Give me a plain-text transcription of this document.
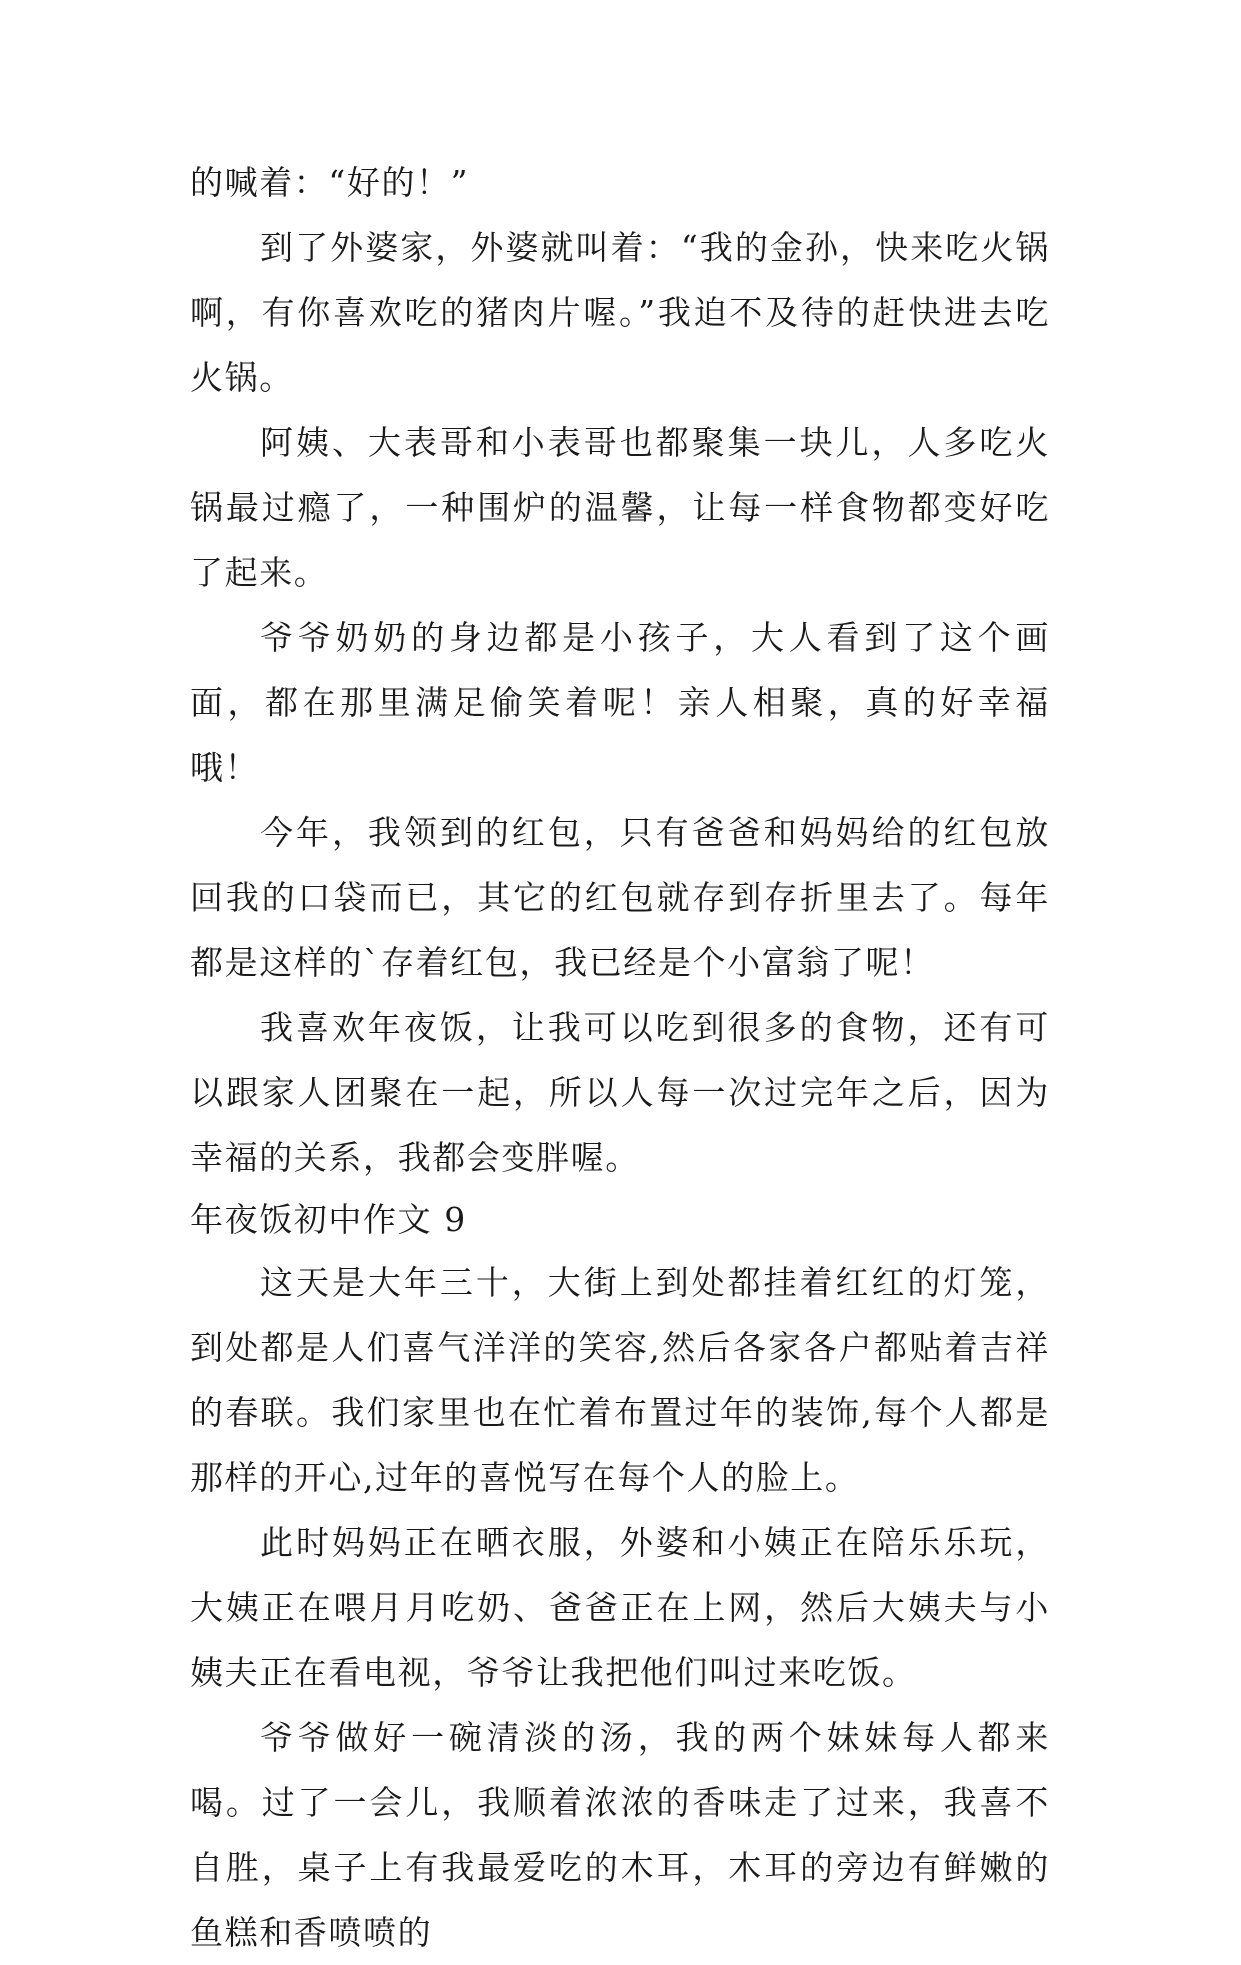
的喊着：“好的！”

到了外婆家，外婆就叫着：“我的金孙，快来吃火锅啊，有你喜欢吃的猪肉片喔。”我迫不及待的赶快进去吃火锅。

阿姨、大表哥和小表哥也都聚集一块儿，人多吃火锅最过瘾了，一种围炉的温馨，让每一样食物都变好吃了起来。

爷爷奶奶的身边都是小孩子，大人看到了这个画面，都在那里满足偷笑着呢！亲人相聚，真的好幸福哦！

今年，我领到的红包，只有爸爸和妈妈给的红包放回我的口袋而已，其它的红包就存到存折里去了。每年都是这样的`存着红包，我已经是个小富翁了呢！

我喜欢年夜饭，让我可以吃到很多的食物，还有可以跟家人团聚在一起，所以人每一次过完年之后，因为幸福的关系，我都会变胖喔。

年夜饭初中作文 9

这天是大年三十，大街上到处都挂着红红的灯笼，到处都是人们喜气洋洋的笑容,然后各家各户都贴着吉祥的春联。我们家里也在忙着布置过年的装饰,每个人都是那样的开心,过年的喜悦写在每个人的脸上。

此时妈妈正在晒衣服，外婆和小姨正在陪乐乐玩，大姨正在喂月月吃奶、爸爸正在上网，然后大姨夫与小姨夫正在看电视，爷爷让我把他们叫过来吃饭。

爷爷做好一碗清淡的汤，我的两个妹妹每人都来喝。过了一会儿，我顺着浓浓的香味走了过来，我喜不自胜，桌子上有我最爱吃的木耳，木耳的旁边有鲜嫩的鱼糕和香喷喷的
